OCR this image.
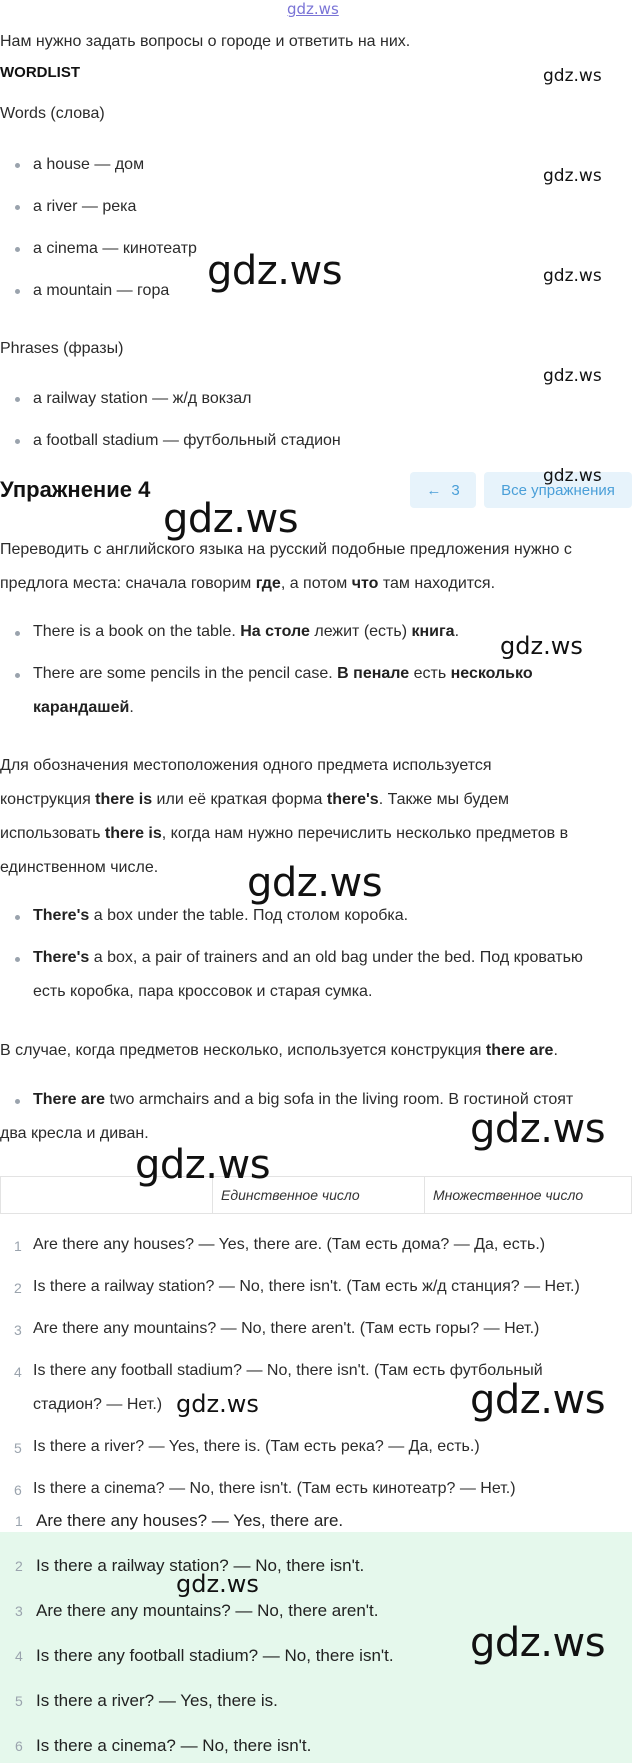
gdz.ws
Нам нужно задать вопросы о городе и ответить на них.
WORDLIST
Words (слова)
a house — дом
a river — река
a cinema — кинотеатр
a mountain — гора
Phrases (фразы)
a railway station — ж/д вокзал
a football stadium — футбольный стадион
Упражнение 4	← 3	Все упражнения
Переводить с английского языка на русский подобные предложения нужно с
предлога места: сначала говорим где, а потом что там находится.
There is a book on the table. На столе лежит (есть) книга.
There are some pencils in the pencil case. В пенале есть несколько
карандашей.
Для обозначения местоположения одного предмета используется
конструкция there is или её краткая форма there's. Также мы будем
использовать there is, когда нам нужно перечислить несколько предметов в
единственном числе.
There's a box under the table. Под столом коробка.
There's a box, a pair of trainers and an old bag under the bed. Под кроватью
есть коробка, пара кроссовок и старая сумка.
В случае, когда предметов несколько, используется конструкция there are.
There are two armchairs and a big sofa in the living room. В гостиной стоят
два кресла и диван.
	Единственное число	Множественное число
1 Are there any houses? — Yes, there are. (Там есть дома? — Да, есть.)
2 Is there a railway station? — No, there isn't. (Там есть ж/д станция? — Нет.)
3 Are there any mountains? — No, there aren't. (Там есть горы? — Нет.)
4 Is there any football stadium? — No, there isn't. (Там есть футбольный
стадион? — Нет.)
5 Is there a river? — Yes, there is. (Там есть река? — Да, есть.)
6 Is there a cinema? — No, there isn't. (Там есть кинотеатр? — Нет.)
1 Are there any houses? — Yes, there are.
2 Is there a railway station? — No, there isn't.
3 Are there any mountains? — No, there aren't.
4 Is there any football stadium? — No, there isn't.
5 Is there a river? — Yes, there is.
6 Is there a cinema? — No, there isn't.
gdz.ws
gdz.ws
gdz.ws	gdz.ws
gdz.ws
gdz.ws
gdz.ws
gdz.ws
gdz.ws
gdz.ws
gdz.ws
gdz.ws	gdz.ws
gdz.ws
gdz.ws
